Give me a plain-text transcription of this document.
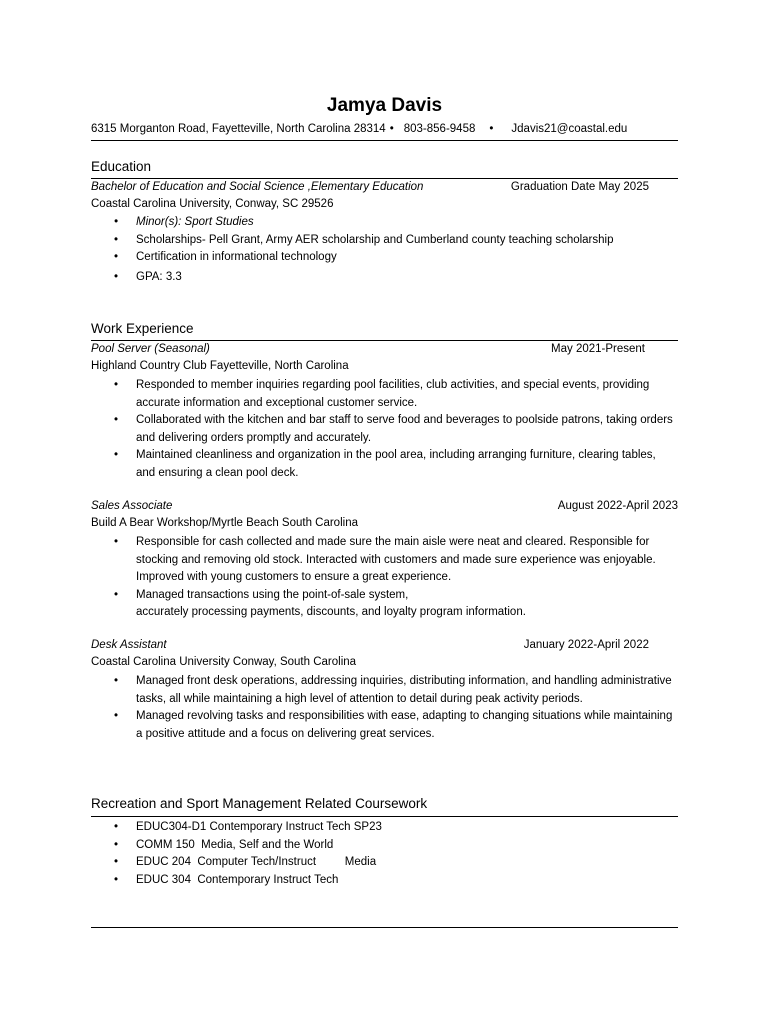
Jamya Davis
6315 Morganton Road, Fayetteville, North Carolina 28314 • 803-856-9458 • Jdavis21@coastal.edu
Education
Bachelor of Education and Social Science ,Elementary Education	Graduation Date May 2025
Coastal Carolina University, Conway, SC 29526
• Minor(s): Sport Studies
• Scholarships- Pell Grant, Army AER scholarship and Cumberland county teaching scholarship
• Certification in informational technology
• GPA: 3.3
Work Experience
Pool Server (Seasonal)	May 2021-Present
Highland Country Club Fayetteville, North Carolina
• Responded to member inquiries regarding pool facilities, club activities, and special events, providing accurate information and exceptional customer service.
• Collaborated with the kitchen and bar staff to serve food and beverages to poolside patrons, taking orders and delivering orders promptly and accurately.
• Maintained cleanliness and organization in the pool area, including arranging furniture, clearing tables, and ensuring a clean pool deck.
Sales Associate	August 2022-April 2023
Build A Bear Workshop/Myrtle Beach South Carolina
• Responsible for cash collected and made sure the main aisle were neat and cleared. Responsible for stocking and removing old stock. Interacted with customers and made sure experience was enjoyable. Improved with young customers to ensure a great experience.
• Managed transactions using the point-of-sale system,
accurately processing payments, discounts, and loyalty program information.
Desk Assistant	January 2022-April 2022
Coastal Carolina University Conway, South Carolina
• Managed front desk operations, addressing inquiries, distributing information, and handling administrative tasks, all while maintaining a high level of attention to detail during peak activity periods.
• Managed revolving tasks and responsibilities with ease, adapting to changing situations while maintaining a positive attitude and a focus on delivering great services.
Recreation and Sport Management Related Coursework
• EDUC304-D1 Contemporary Instruct Tech SP23
• COMM 150  Media, Self and the World
• EDUC 204  Computer Tech/Instruct         Media
• EDUC 304  Contemporary Instruct Tech
